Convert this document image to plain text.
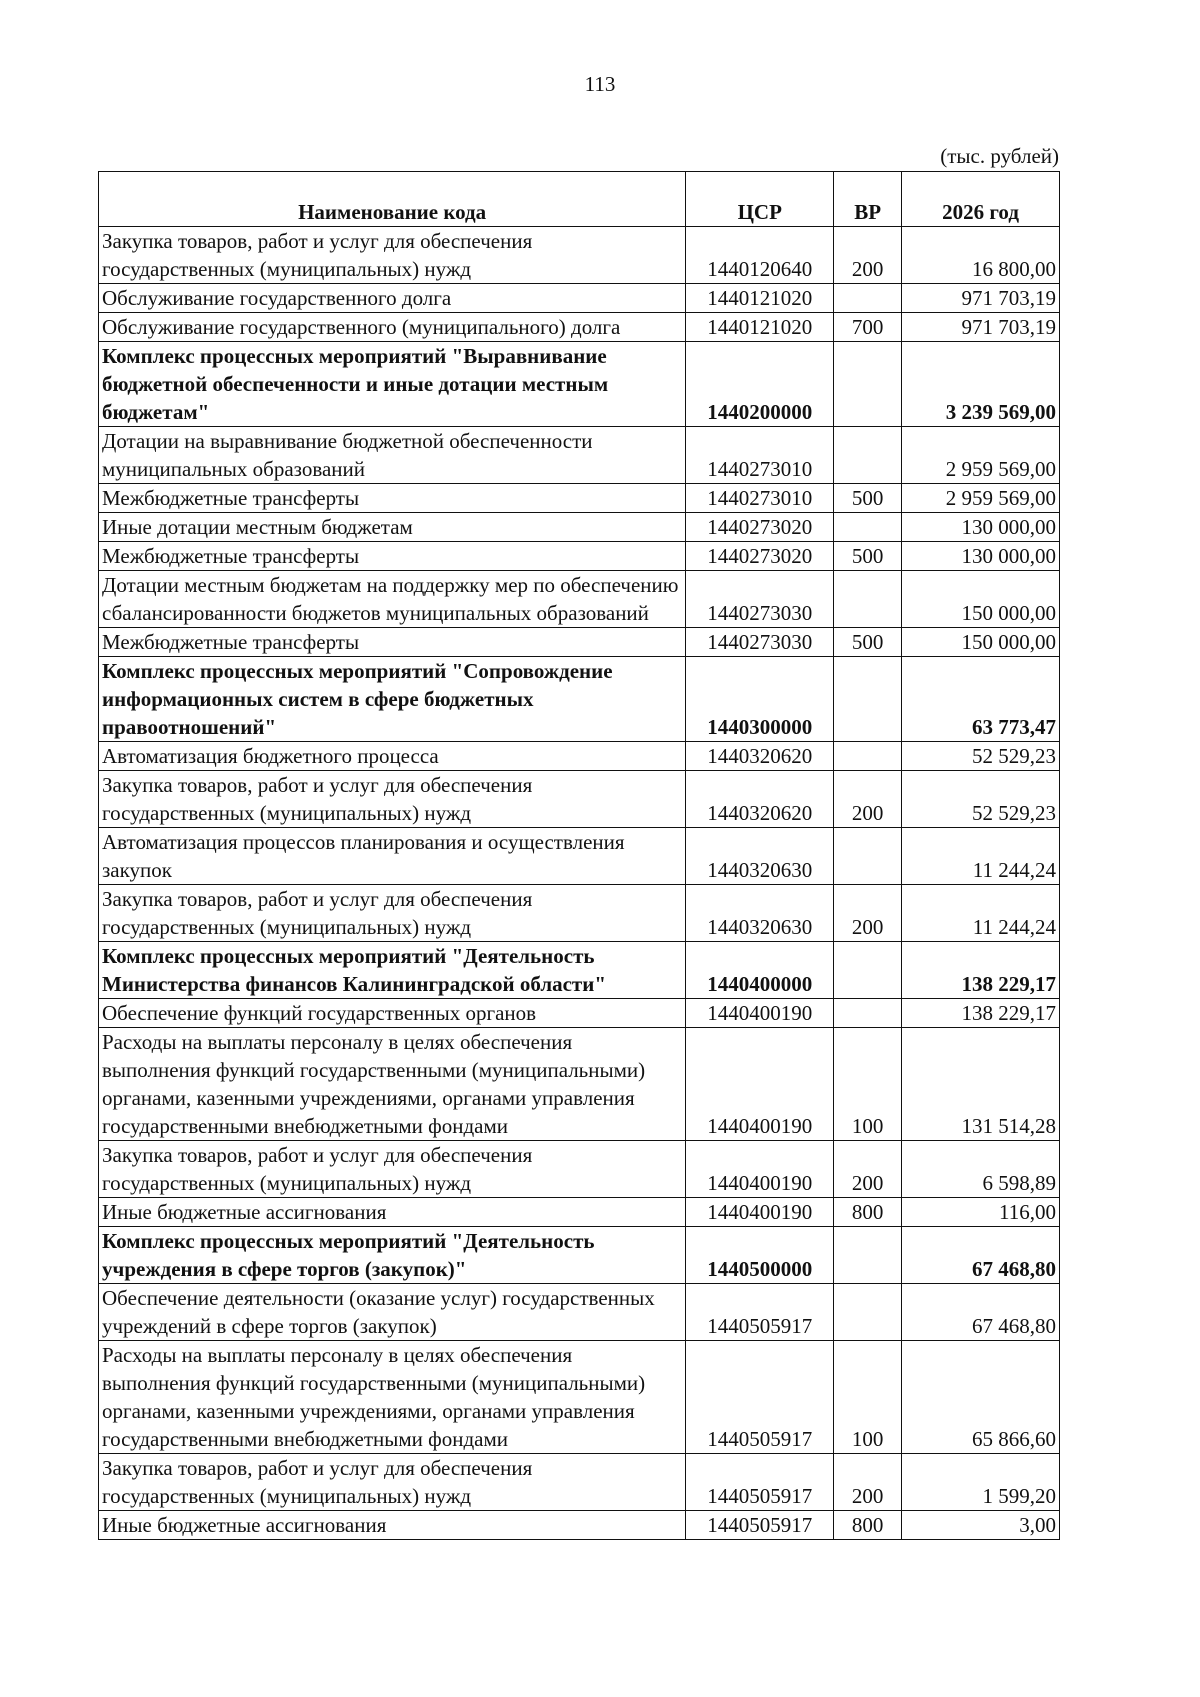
113
(тыс. рублей)
Наименование кода	ЦСР	ВР	2026 год
Закупка товаров, работ и услуг для обеспечения государственных (муниципальных) нужд	1440120640	200	16 800,00
Обслуживание государственного долга	1440121020		971 703,19
Обслуживание государственного (муниципального) долга	1440121020	700	971 703,19
Комплекс процессных мероприятий "Выравнивание бюджетной обеспеченности и иные дотации местным бюджетам"	1440200000		3 239 569,00
Дотации на выравнивание бюджетной обеспеченности муниципальных образований	1440273010		2 959 569,00
Межбюджетные трансферты	1440273010	500	2 959 569,00
Иные дотации местным бюджетам	1440273020		130 000,00
Межбюджетные трансферты	1440273020	500	130 000,00
Дотации местным бюджетам на поддержку мер по обеспечению сбалансированности бюджетов муниципальных образований	1440273030		150 000,00
Межбюджетные трансферты	1440273030	500	150 000,00
Комплекс процессных мероприятий "Сопровождение информационных систем в сфере бюджетных правоотношений"	1440300000		63 773,47
Автоматизация бюджетного процесса	1440320620		52 529,23
Закупка товаров, работ и услуг для обеспечения государственных (муниципальных) нужд	1440320620	200	52 529,23
Автоматизация процессов планирования и осуществления закупок	1440320630		11 244,24
Закупка товаров, работ и услуг для обеспечения государственных (муниципальных) нужд	1440320630	200	11 244,24
Комплекс процессных мероприятий "Деятельность Министерства финансов Калининградской области"	1440400000		138 229,17
Обеспечение функций государственных органов	1440400190		138 229,17
Расходы на выплаты персоналу в целях обеспечения выполнения функций государственными (муниципальными) органами, казенными учреждениями, органами управления государственными внебюджетными фондами	1440400190	100	131 514,28
Закупка товаров, работ и услуг для обеспечения государственных (муниципальных) нужд	1440400190	200	6 598,89
Иные бюджетные ассигнования	1440400190	800	116,00
Комплекс процессных мероприятий "Деятельность учреждения в сфере торгов (закупок)"	1440500000		67 468,80
Обеспечение деятельности (оказание услуг) государственных учреждений в сфере торгов (закупок)	1440505917		67 468,80
Расходы на выплаты персоналу в целях обеспечения выполнения функций государственными (муниципальными) органами, казенными учреждениями, органами управления государственными внебюджетными фондами	1440505917	100	65 866,60
Закупка товаров, работ и услуг для обеспечения государственных (муниципальных) нужд	1440505917	200	1 599,20
Иные бюджетные ассигнования	1440505917	800	3,00
